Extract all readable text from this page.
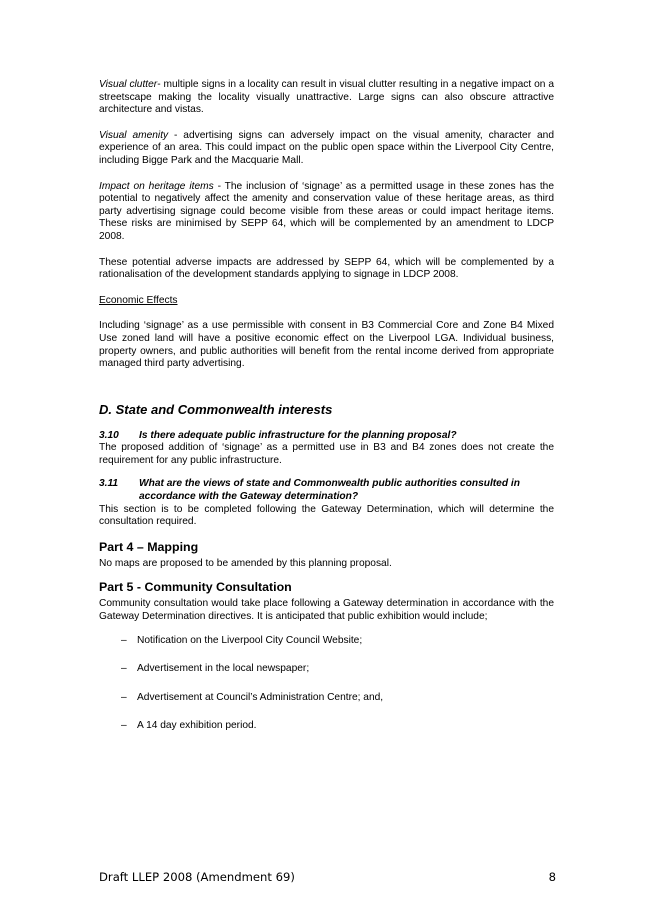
Visual clutter- multiple signs in a locality can result in visual clutter resulting in a negative impact on a streetscape making the locality visually unattractive. Large signs can also obscure attractive architecture and vistas.

Visual amenity - advertising signs can adversely impact on the visual amenity, character and experience of an area. This could impact on the public open space within the Liverpool City Centre, including Bigge Park and the Macquarie Mall.

Impact on heritage items - The inclusion of ‘signage’ as a permitted usage in these zones has the potential to negatively affect the amenity and conservation value of these heritage areas, as third party advertising signage could become visible from these areas or could impact heritage items. These risks are minimised by SEPP 64, which will be complemented by an amendment to LDCP 2008.

These potential adverse impacts are addressed by SEPP 64, which will be complemented by a rationalisation of the development standards applying to signage in LDCP 2008.

Economic Effects

Including ‘signage’ as a use permissible with consent in B3 Commercial Core and Zone B4 Mixed Use zoned land will have a positive economic effect on the Liverpool LGA. Individual business, property owners, and public authorities will benefit from the rental income derived from appropriate managed third party advertising.

D. State and Commonwealth interests
3.10	Is there adequate public infrastructure for the planning proposal?
The proposed addition of ‘signage’ as a permitted use in B3 and B4 zones does not create the requirement for any public infrastructure.
3.11	What are the views of state and Commonwealth public authorities consulted in accordance with the Gateway determination?
This section is to be completed following the Gateway Determination, which will determine the consultation required.
Part 4 – Mapping
No maps are proposed to be amended by this planning proposal.
Part 5 - Community Consultation
Community consultation would take place following a Gateway determination in accordance with the Gateway Determination directives. It is anticipated that public exhibition would include;
–	Notification on the Liverpool City Council Website;
–	Advertisement in the local newspaper;
–	Advertisement at Council’s Administration Centre; and,
–	A 14 day exhibition period.
Draft LLEP 2008 (Amendment 69)	8
